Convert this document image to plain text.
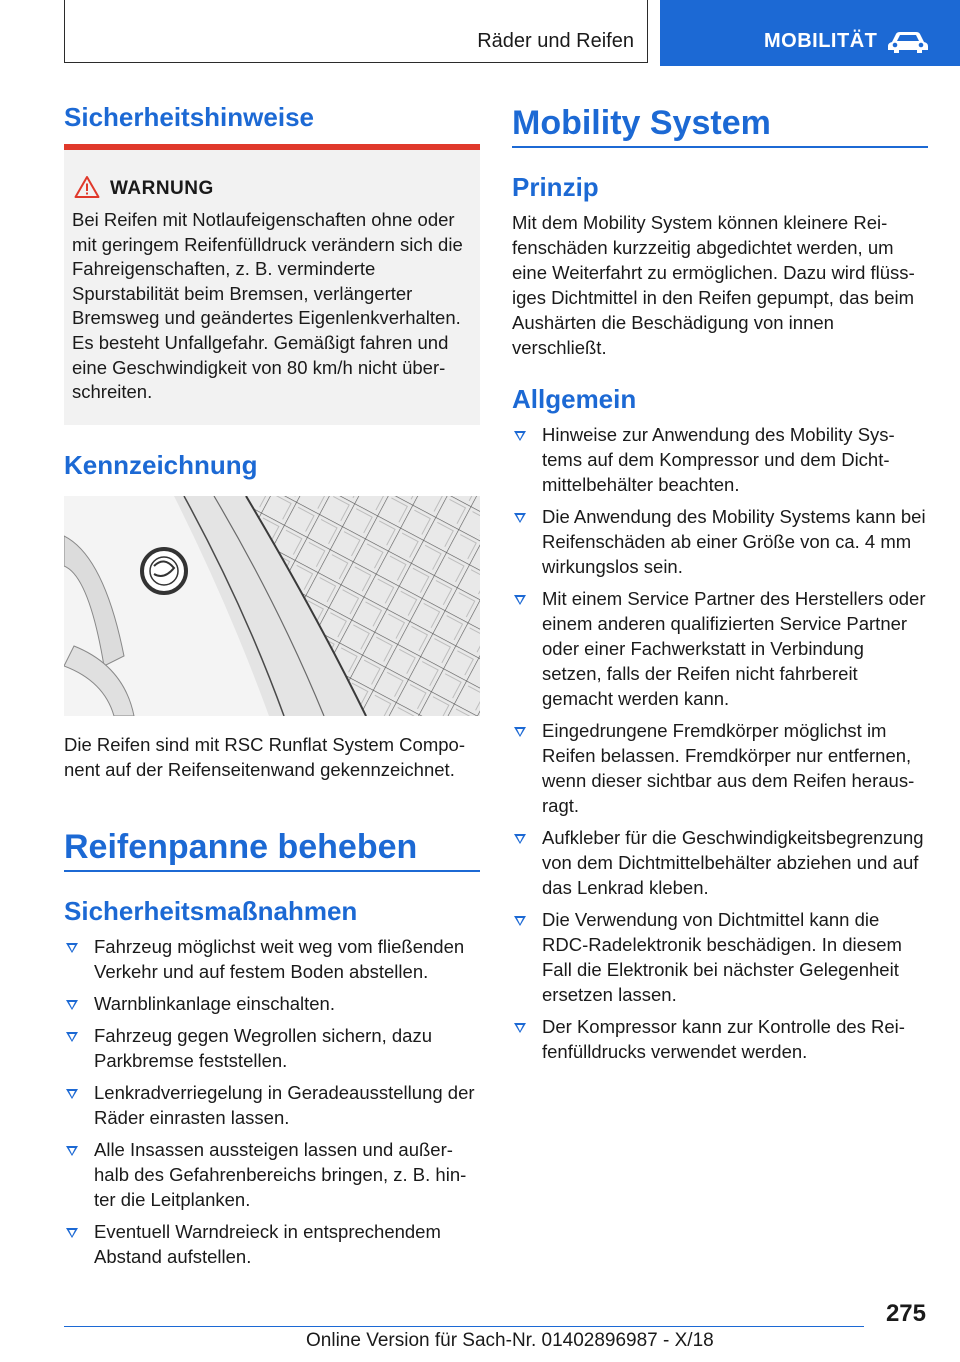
Räder und Reifen	MOBILITÄT
Sicherheitshinweise
WARNUNG
Bei Reifen mit Notlaufeigenschaften ohne oder mit geringem Reifenfülldruck verändern sich die Fahreigenschaften, z. B. verminderte Spurstabilität beim Bremsen, verlängerter Bremsweg und geändertes Eigenlenkverhalten. Es besteht Unfallgefahr. Gemäßigt fahren und eine Geschwindigkeit von 80 km/h nicht überschreiten.
Kennzeichnung
Die Reifen sind mit RSC Runflat System Component auf der Reifenseitenwand gekennzeichnet.
Reifenpanne beheben
Sicherheitsmaßnahmen
Fahrzeug möglichst weit weg vom fließenden Verkehr und auf festem Boden abstellen.
Warnblinkanlage einschalten.
Fahrzeug gegen Wegrollen sichern, dazu Parkbremse feststellen.
Lenkradverriegelung in Geradeausstellung der Räder einrasten lassen.
Alle Insassen aussteigen lassen und außerhalb des Gefahrenbereichs bringen, z. B. hinter die Leitplanken.
Eventuell Warndreieck in entsprechendem Abstand aufstellen.
Mobility System
Prinzip
Mit dem Mobility System können kleinere Reifenschäden kurzzeitig abgedichtet werden, um eine Weiterfahrt zu ermöglichen. Dazu wird flüssiges Dichtmittel in den Reifen gepumpt, das beim Aushärten die Beschädigung von innen verschließt.
Allgemein
Hinweise zur Anwendung des Mobility Systems auf dem Kompressor und dem Dichtmittelbehälter beachten.
Die Anwendung des Mobility Systems kann bei Reifenschäden ab einer Größe von ca. 4 mm wirkungslos sein.
Mit einem Service Partner des Herstellers oder einem anderen qualifizierten Service Partner oder einer Fachwerkstatt in Verbindung setzen, falls der Reifen nicht fahrbereit gemacht werden kann.
Eingedrungene Fremdkörper möglichst im Reifen belassen. Fremdkörper nur entfernen, wenn dieser sichtbar aus dem Reifen herausragt.
Aufkleber für die Geschwindigkeitsbegrenzung von dem Dichtmittelbehälter abziehen und auf das Lenkrad kleben.
Die Verwendung von Dichtmittel kann die RDC-Radelektronik beschädigen. In diesem Fall die Elektronik bei nächster Gelegenheit ersetzen lassen.
Der Kompressor kann zur Kontrolle des Reifenfülldrucks verwendet werden.
275
Online Version für Sach-Nr. 01402896987 - X/18
